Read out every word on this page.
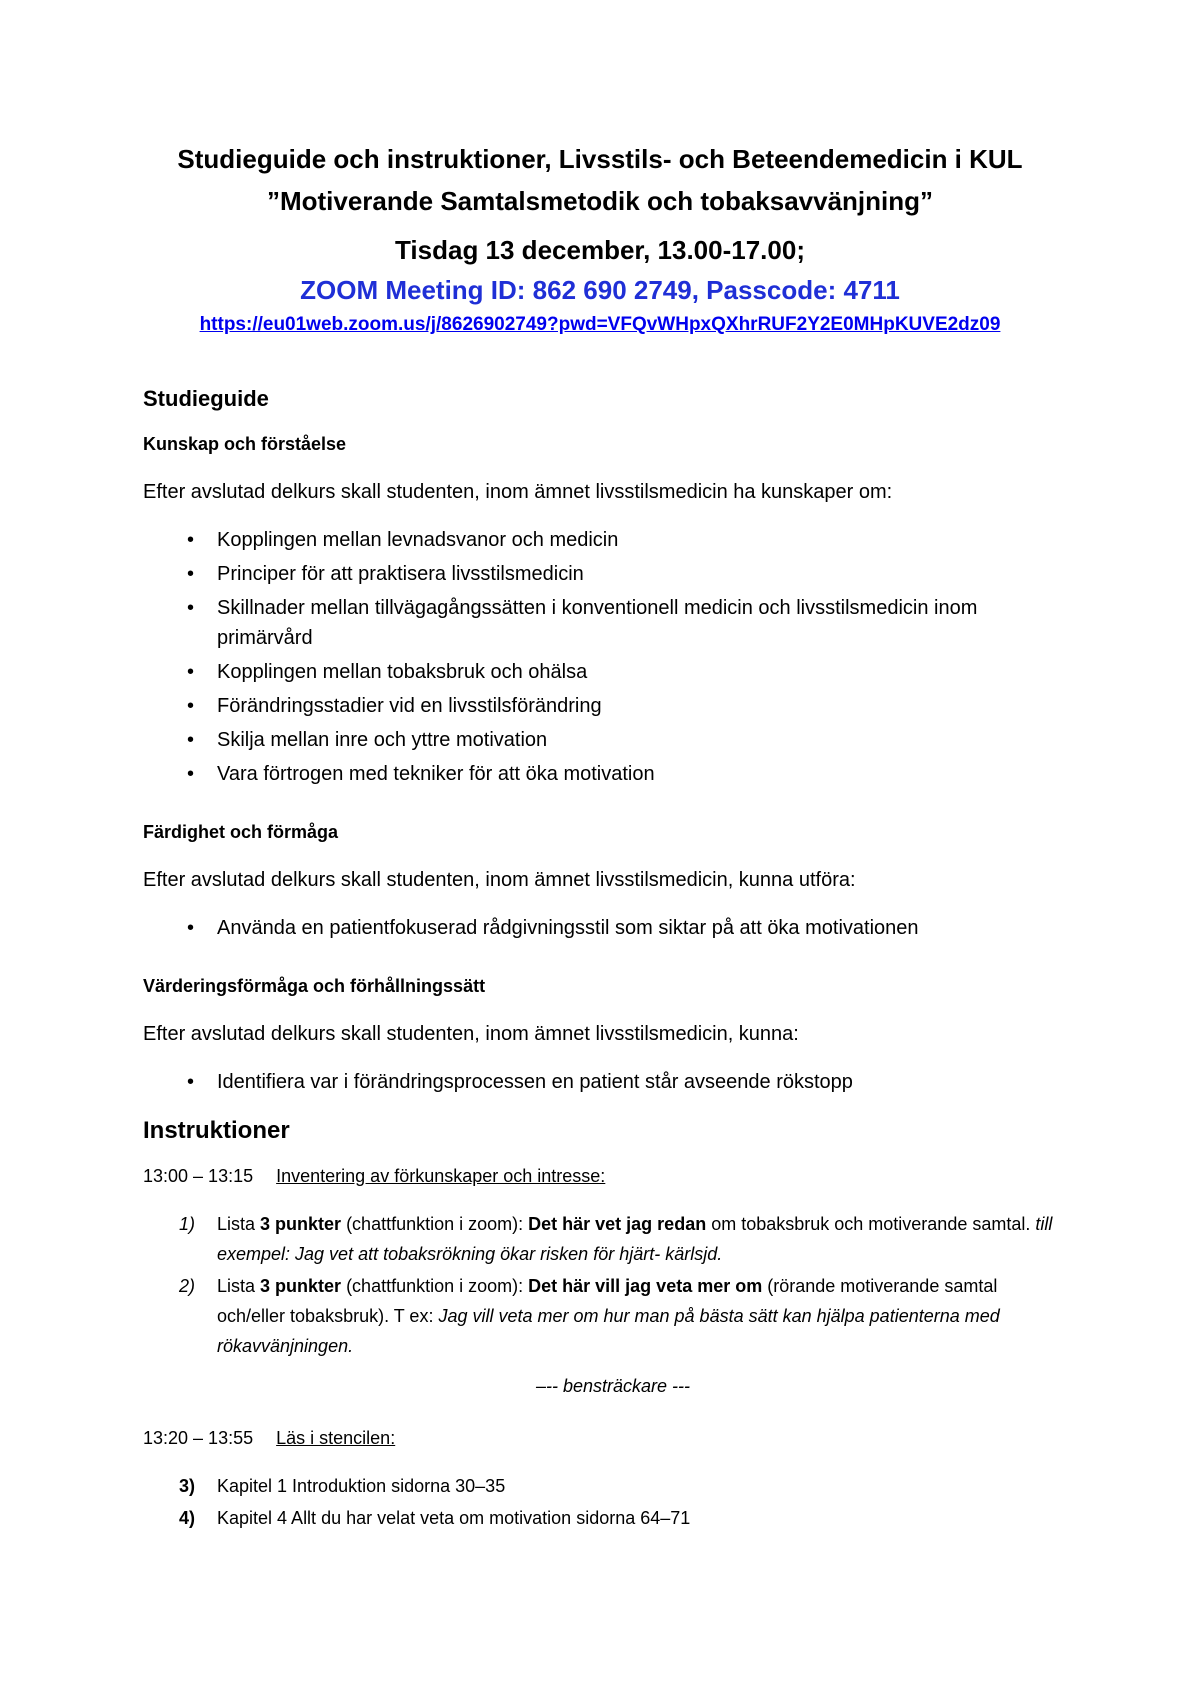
Studieguide och instruktioner, Livsstils- och Beteendemedicin i KUL
”Motiverande Samtalsmetodik och tobaksavvänjning”
Tisdag 13 december, 13.00-17.00;
ZOOM Meeting ID: 862 690 2749, Passcode: 4711
https://eu01web.zoom.us/j/8626902749?pwd=VFQvWHpxQXhrRUF2Y2E0MHpKUVE2dz09
Studieguide
Kunskap och förståelse

Efter avslutad delkurs skall studenten, inom ämnet livsstilsmedicin ha kunskaper om:

• Kopplingen mellan levnadsvanor och medicin
• Principer för att praktisera livsstilsmedicin
• Skillnader mellan tillvägagångssätten i konventionell medicin och livsstilsmedicin inom primärvård
• Kopplingen mellan tobaksbruk och ohälsa
• Förändringsstadier vid en livsstilsförändring
• Skilja mellan inre och yttre motivation
• Vara förtrogen med tekniker för att öka motivation
Färdighet och förmåga

Efter avslutad delkurs skall studenten, inom ämnet livsstilsmedicin, kunna utföra:

• Använda en patientfokuserad rådgivningsstil som siktar på att öka motivationen
Värderingsförmåga och förhållningssätt

Efter avslutad delkurs skall studenten, inom ämnet livsstilsmedicin, kunna:

• Identifiera var i förändringsprocessen en patient står avseende rökstopp
Instruktioner
13:00 – 13:15 Inventering av förkunskaper och intresse:
1) Lista 3 punkter (chattfunktion i zoom): Det här vet jag redan om tobaksbruk och motiverande samtal. till exempel: Jag vet att tobaksrökning ökar risken för hjärt- kärlsjd.
2) Lista 3 punkter (chattfunktion i zoom): Det här vill jag veta mer om (rörande motiverande samtal och/eller tobaksbruk). T ex: Jag vill veta mer om hur man på bästa sätt kan hjälpa patienterna med rökavvänjningen.
–-- bensträckare ---
13:20 – 13:55 Läs i stencilen:
3) Kapitel 1 Introduktion sidorna 30–35
4) Kapitel 4 Allt du har velat veta om motivation sidorna 64–71
